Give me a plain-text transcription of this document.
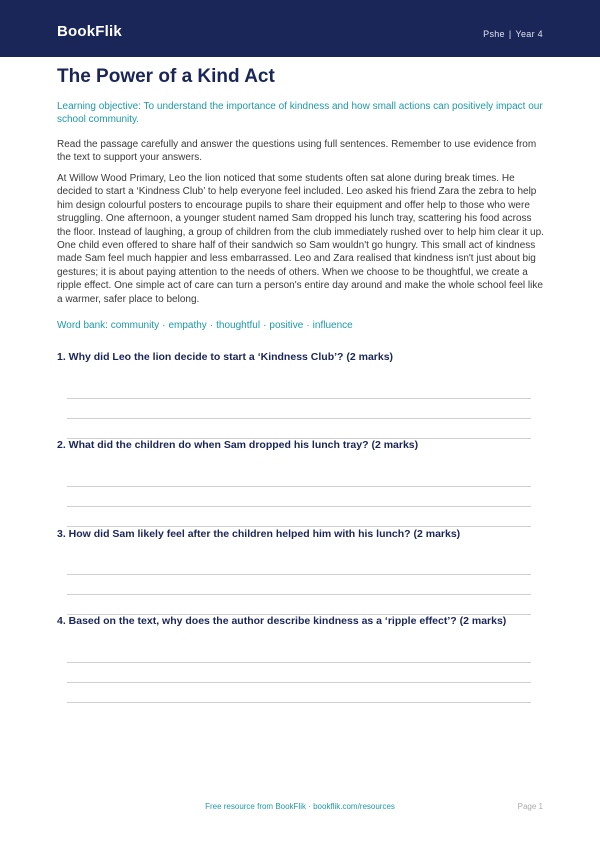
BookFlik	Pshe | Year 4
The Power of a Kind Act

Learning objective: To understand the importance of kindness and how small actions can positively impact our school community.

Read the passage carefully and answer the questions using full sentences. Remember to use evidence from the text to support your answers.

At Willow Wood Primary, Leo the lion noticed that some students often sat alone during break times. He decided to start a ‘Kindness Club’ to help everyone feel included. Leo asked his friend Zara the zebra to help him design colourful posters to encourage pupils to share their equipment and offer help to those who were struggling. One afternoon, a younger student named Sam dropped his lunch tray, scattering his food across the floor. Instead of laughing, a group of children from the club immediately rushed over to help him clear it up. One child even offered to share half of their sandwich so Sam wouldn't go hungry. This small act of kindness made Sam feel much happier and less embarrassed. Leo and Zara realised that kindness isn't just about big gestures; it is about paying attention to the needs of others. When we choose to be thoughtful, we create a ripple effect. One simple act of care can turn a person's entire day around and make the whole school feel like a warmer, safer place to belong.

Word bank: community · empathy · thoughtful · positive · influence
1. Why did Leo the lion decide to start a ‘Kindness Club’? (2 marks)
2. What did the children do when Sam dropped his lunch tray? (2 marks)
3. How did Sam likely feel after the children helped him with his lunch? (2 marks)
4. Based on the text, why does the author describe kindness as a ‘ripple effect’? (2 marks)
Free resource from BookFlik · bookflik.com/resources	Page 1
